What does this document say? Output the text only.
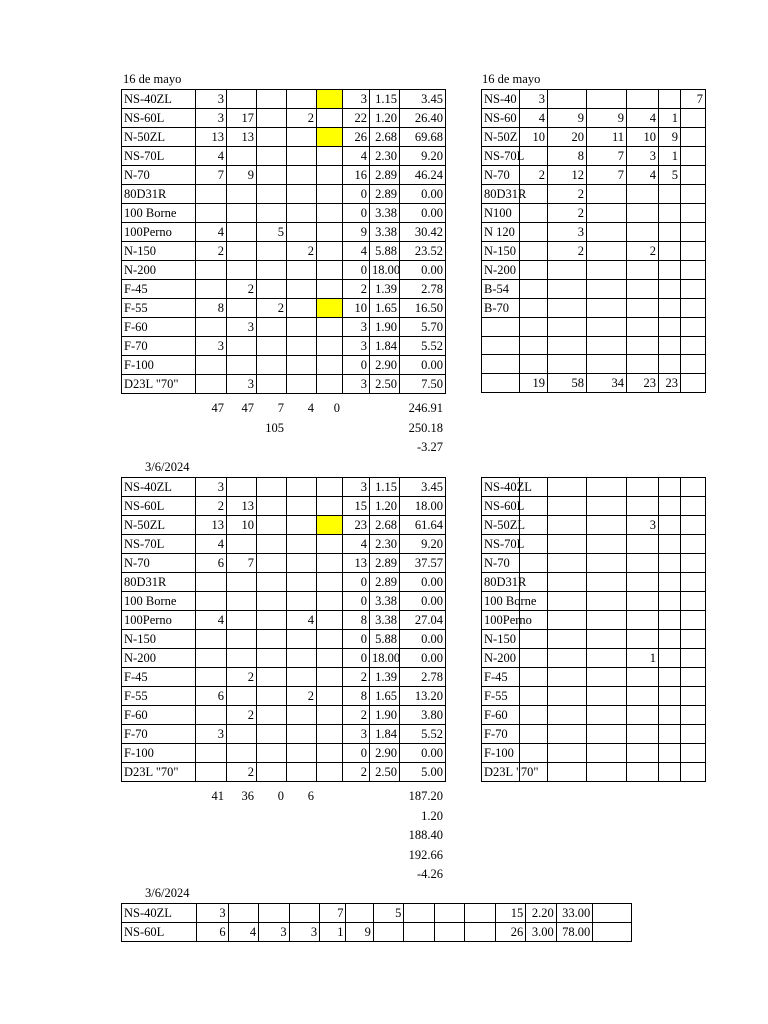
16 de mayo	16 de mayo
3/6/2024
3/6/2024
NS-40ZL	3					3	1.15	3.45
NS-60L	3	17		2		22	1.20	26.40
N-50ZL	13	13				26	2.68	69.68
NS-70L	4					4	2.30	9.20
N-70	7	9				16	2.89	46.24
80D31R						0	2.89	0.00
100 Borne						0	3.38	0.00
100Perno	4		5			9	3.38	30.42
N-150	2			2		4	5.88	23.52
N-200						0	18.00	0.00
F-45		2				2	1.39	2.78
F-55	8		2			10	1.65	16.50
F-60		3				3	1.90	5.70
F-70	3					3	1.84	5.52
F-100						0	2.90	0.00
D23L "70"		3				3	2.50	7.50
	47	47	7	4	0			246.91
			105					250.18
								-3.27
NS-40	3					7
NS-60	4	9	9	4	1	
N-50Z	10	20	11	10	9	
NS-70L		8	7	3	1	
N-70	2	12	7	4	5	
80D31R		2				
N100		2				
N 120		3				
N-150		2		2		
N-200						
B-54						
B-70						

	19	58	34	23	23	
NS-40ZL	3					3	1.15	3.45
NS-60L	2	13				15	1.20	18.00
N-50ZL	13	10				23	2.68	61.64
NS-70L	4					4	2.30	9.20
N-70	6	7				13	2.89	37.57
80D31R						0	2.89	0.00
100 Borne						0	3.38	0.00
100Perno	4			4		8	3.38	27.04
N-150						0	5.88	0.00
N-200						0	18.00	0.00
F-45		2				2	1.39	2.78
F-55	6			2		8	1.65	13.20
F-60		2				2	1.90	3.80
F-70	3					3	1.84	5.52
F-100						0	2.90	0.00
D23L "70"		2				2	2.50	5.00
	41	36	0	6				187.20
								1.20
								188.40
								192.66
								-4.26
NS-40ZL						
NS-60L						
N-50ZL				3		
NS-70L						
N-70						
80D31R						
100 Borne						
100Perno						
N-150						
N-200				1		
F-45						
F-55						
F-60						
F-70						
F-100						
D23L "70"						
NS-40ZL	3				7		5				15	2.20	33.00	
NS-60L	6	4	3	3	1	9					26	3.00	78.00	
